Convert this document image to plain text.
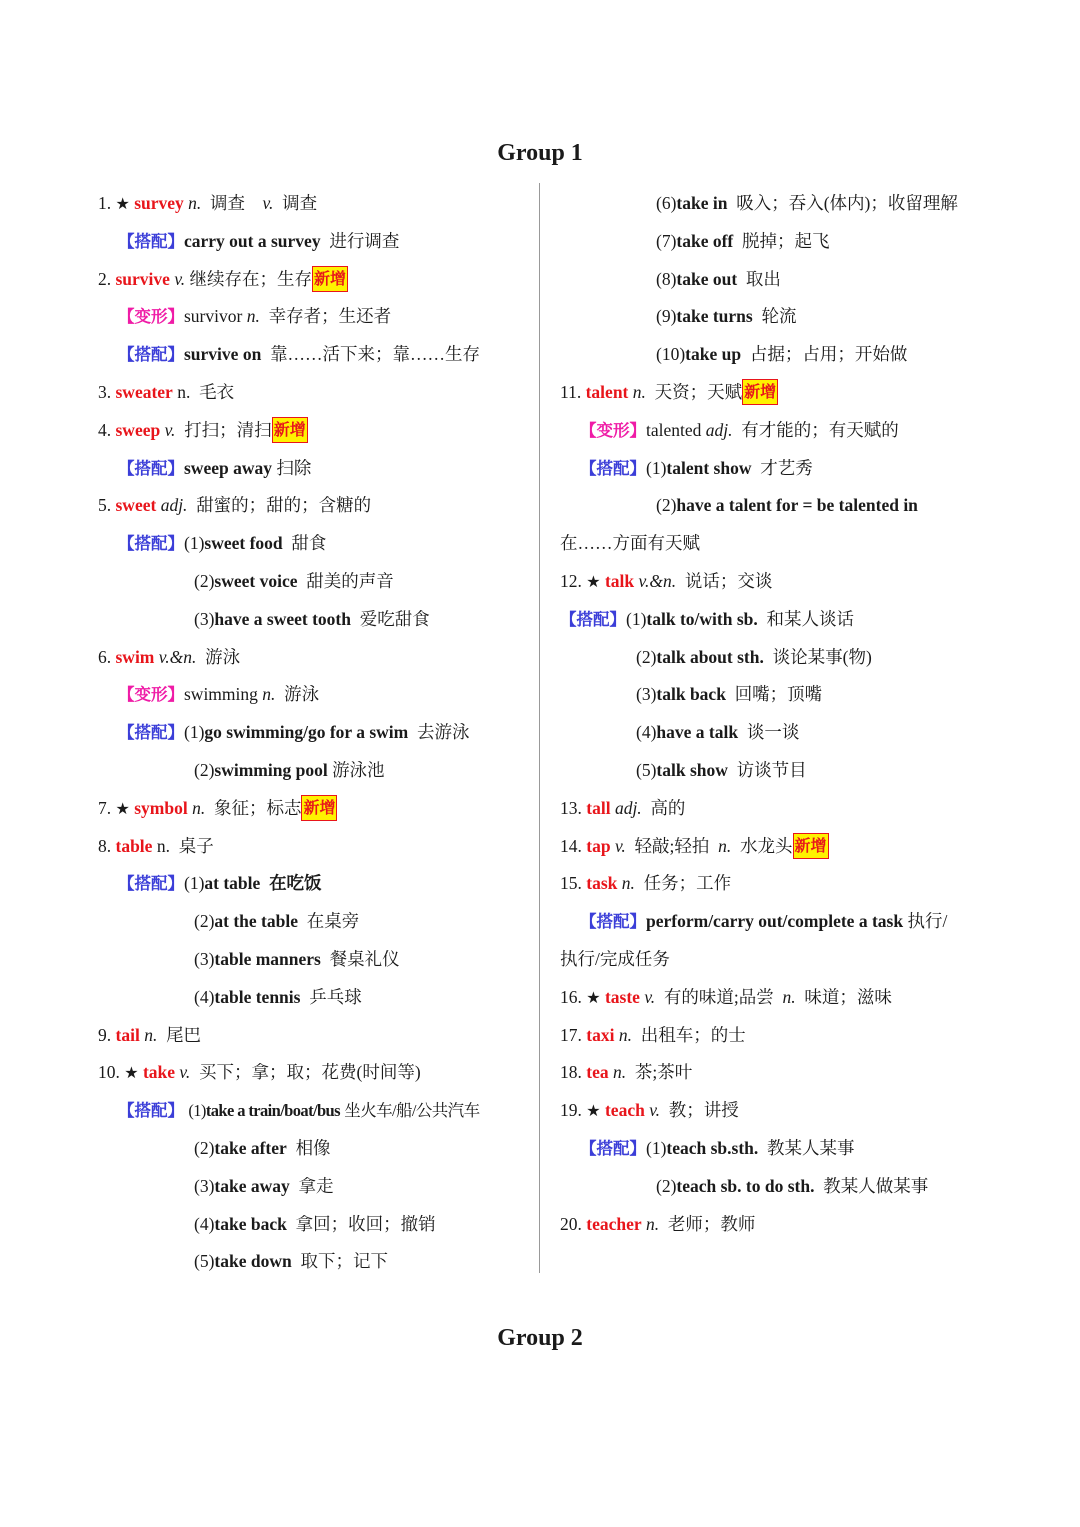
Group 1
1. ★ survey n. 调查 v. 调查
【搭配】carry out a survey 进行调查
2. survive v. 继续存在；生存 新增
【变形】survivor n. 幸存者；生还者
【搭配】survive on 靠……活下来；靠……生存
3. sweater n. 毛衣
4. sweep v. 打扫；清扫 新增
【搭配】sweep away 扫除
5. sweet adj. 甜蜜的；甜的；含糖的
【搭配】(1)sweet food 甜食
(2)sweet voice 甜美的声音
(3)have a sweet tooth 爱吃甜食
6. swim v.&n. 游泳
【变形】swimming n. 游泳
【搭配】(1)go swimming/go for a swim 去游泳
(2)swimming pool 游泳池
7. ★ symbol n. 象征；标志 新增
8. table n. 桌子
【搭配】(1)at table 在吃饭
(2)at the table 在桌旁
(3)table manners 餐桌礼仪
(4)table tennis 乒乓球
9. tail n. 尾巴
10. ★ take v. 买下；拿；取；花费(时间等)
【搭配】 (1)take a train/boat/bus 坐火车/船/公共汽车
(2)take after 相像
(3)take away 拿走
(4)take back 拿回；收回；撤销
(5)take down 取下；记下
(6)take in 吸入；吞入(体内)；收留理解
(7)take off 脱掉；起飞
(8)take out 取出
(9)take turns 轮流
(10)take up 占据；占用；开始做
11. talent n. 天资；天赋 新增
【变形】talented adj. 有才能的；有天赋的
【搭配】(1)talent show 才艺秀
(2)have a talent for = be talented in
在……方面有天赋
12. ★ talk v.&n. 说话；交谈
【搭配】(1)talk to/with sb. 和某人谈话
(2)talk about sth. 谈论某事(物)
(3)talk back 回嘴；顶嘴
(4)have a talk 谈一谈
(5)talk show 访谈节目
13. tall adj. 高的
14. tap v. 轻敲;轻拍 n. 水龙头 新增
15. task n. 任务；工作
【搭配】perform/carry out/complete a task 执行/
执行/完成任务
16. ★ taste v. 有的味道;品尝 n. 味道；滋味
17. taxi n. 出租车；的士
18. tea n. 茶;茶叶
19. ★ teach v. 教；讲授
【搭配】(1)teach sb.sth. 教某人某事
(2)teach sb. to do sth. 教某人做某事
20. teacher n. 老师；教师
Group 2
